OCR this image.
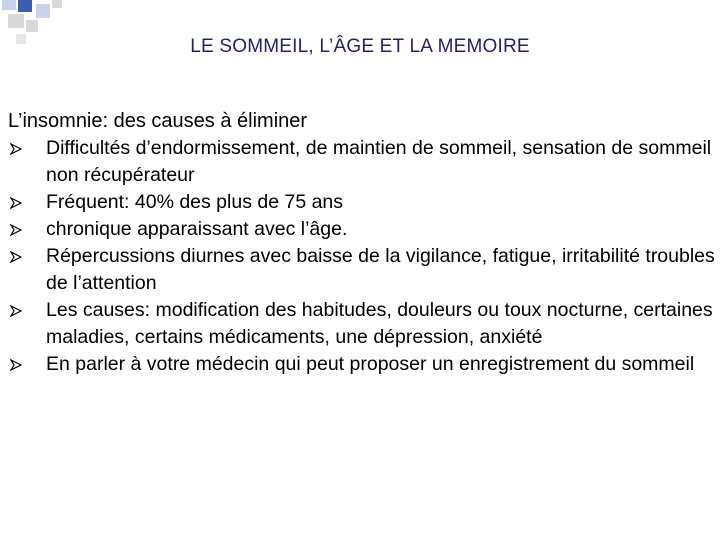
LE SOMMEIL, L’ÂGE ET LA MEMOIRE
L’insomnie: des causes à éliminer
Difficultés d’endormissement, de maintien de sommeil, sensation de sommeil non récupérateur
Fréquent: 40% des plus de 75 ans
chronique apparaissant avec l’âge.
Répercussions diurnes avec baisse de la vigilance, fatigue, irritabilité troubles de l’attention
Les causes: modification des habitudes, douleurs ou toux nocturne, certaines maladies, certains médicaments, une dépression, anxiété
En parler à votre médecin qui peut proposer un enregistrement du sommeil
